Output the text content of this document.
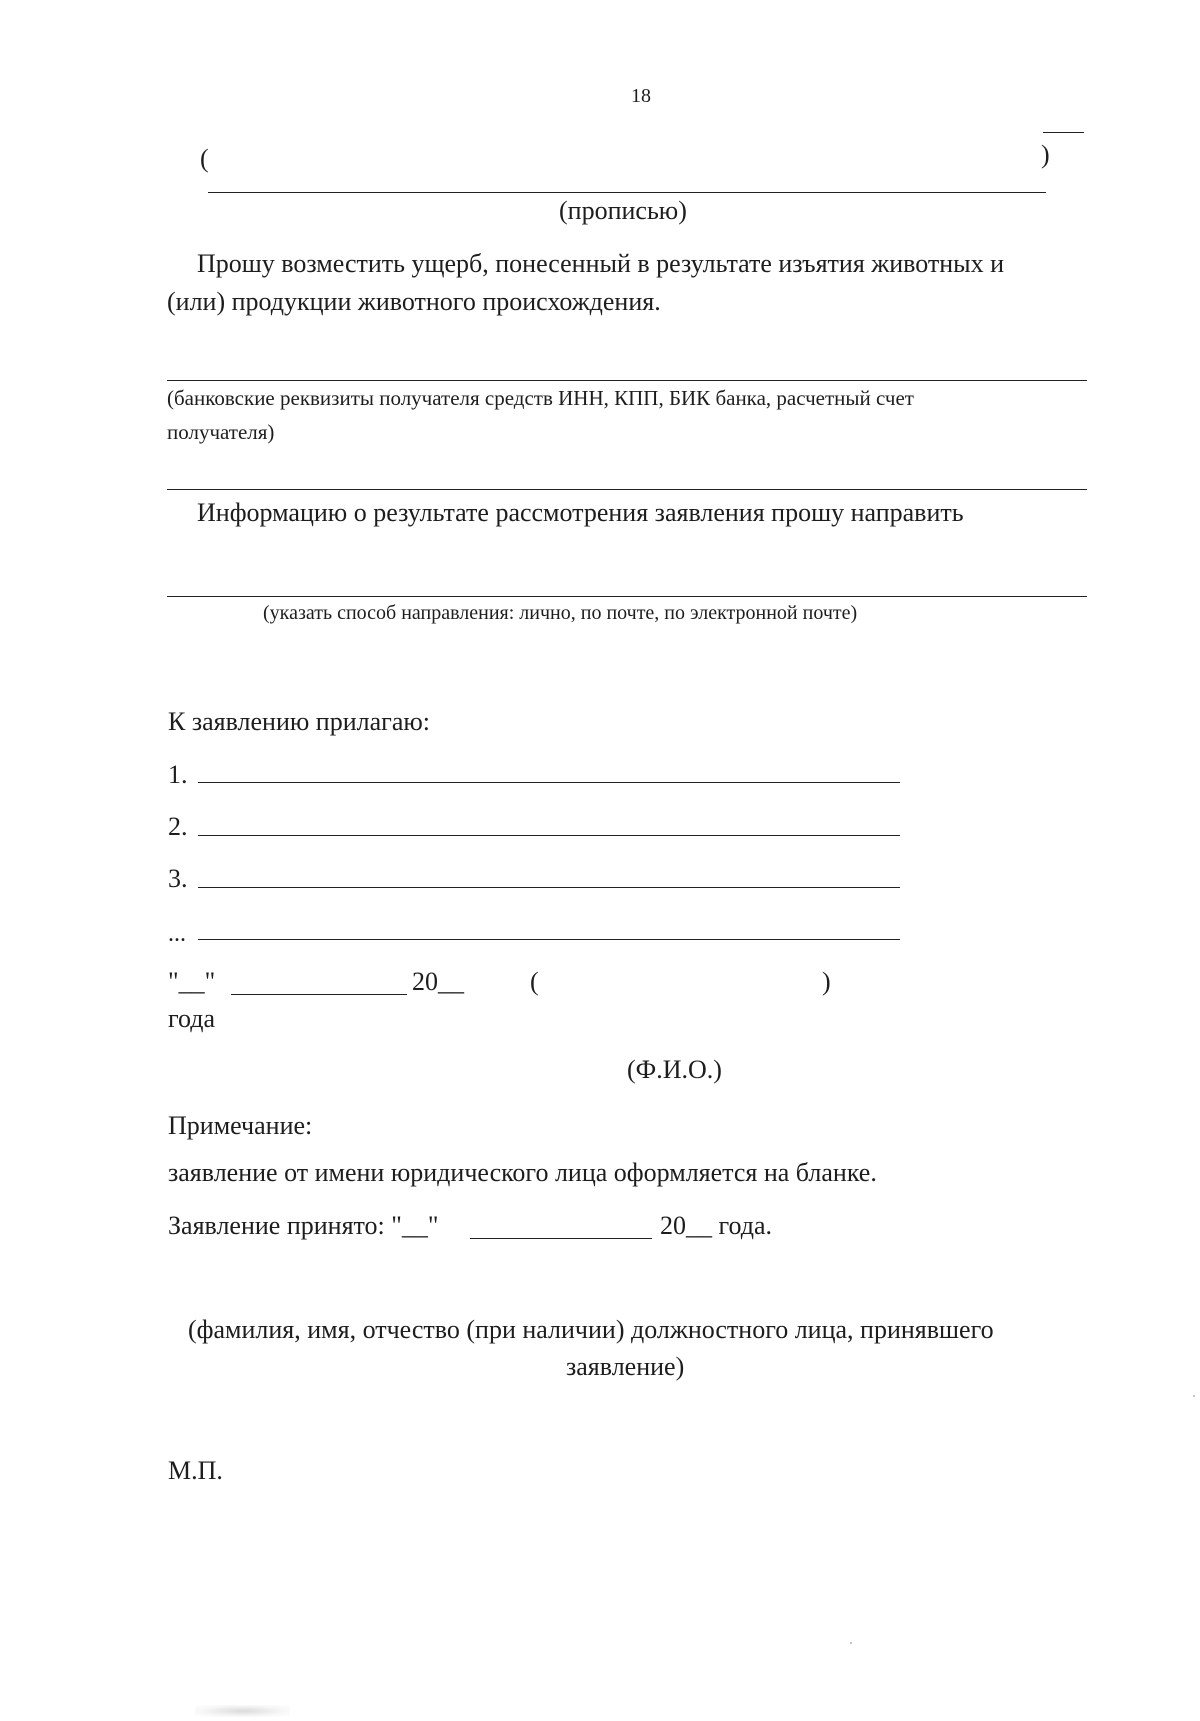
18
(	)
(прописью)
Прошу возместить ущерб, понесенный в результате изъятия животных и
(или) продукции животного происхождения.
(банковские реквизиты получателя средств ИНН, КПП, БИК банка, расчетный счет
получателя)
Информацию о результате рассмотрения заявления прошу направить
(указать способ направления: лично, по почте, по электронной почте)
К заявлению прилагаю:
1.
2.
3.
...
"__"	20__	(	)
года
(Ф.И.О.)
Примечание:
заявление от имени юридического лица оформляется на бланке.
Заявление принято: "__"	20__ года.
(фамилия, имя, отчество (при наличии) должностного лица, принявшего
заявление)
М.П.
